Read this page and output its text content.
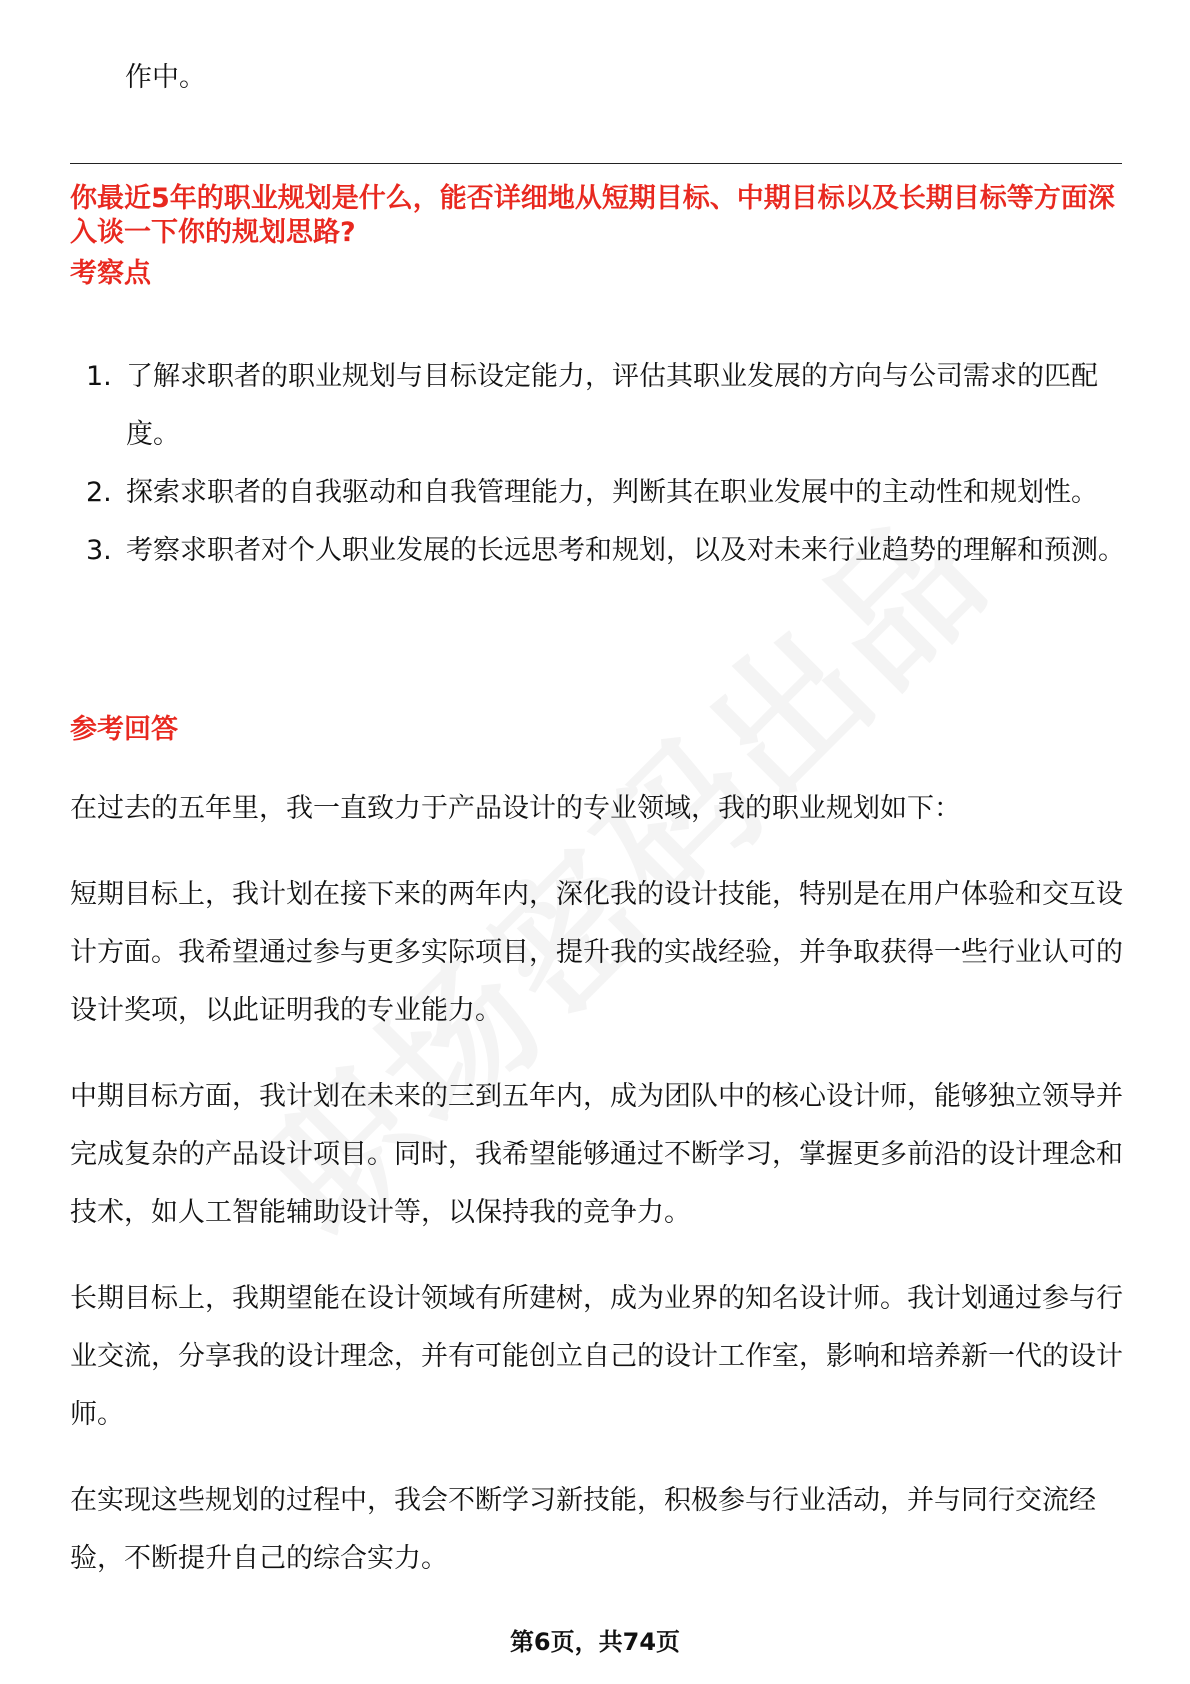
作中。
你最近5年的职业规划是什么，能否详细地从短期目标、中期目标以及长期目标等方面深入谈一下你的规划思路?
考察点
1. 了解求职者的职业规划与目标设定能力，评估其职业发展的方向与公司需求的匹配度。
2. 探索求职者的自我驱动和自我管理能力，判断其在职业发展中的主动性和规划性。
3. 考察求职者对个人职业发展的长远思考和规划，以及对未来行业趋势的理解和预测。
参考回答

在过去的五年里，我一直致力于产品设计的专业领域，我的职业规划如下：

短期目标上，我计划在接下来的两年内，深化我的设计技能，特别是在用户体验和交互设计方面。我希望通过参与更多实际项目，提升我的实战经验，并争取获得一些行业认可的设计奖项，以此证明我的专业能力。

中期目标方面，我计划在未来的三到五年内，成为团队中的核心设计师，能够独立领导并完成复杂的产品设计项目。同时，我希望能够通过不断学习，掌握更多前沿的设计理念和技术，如人工智能辅助设计等，以保持我的竞争力。

长期目标上，我期望能在设计领域有所建树，成为业界的知名设计师。我计划通过参与行业交流，分享我的设计理念，并有可能创立自己的设计工作室，影响和培养新一代的设计师。

在实现这些规划的过程中，我会不断学习新技能，积极参与行业活动，并与同行交流经验，不断提升自己的综合实力。

第6页，共74页
